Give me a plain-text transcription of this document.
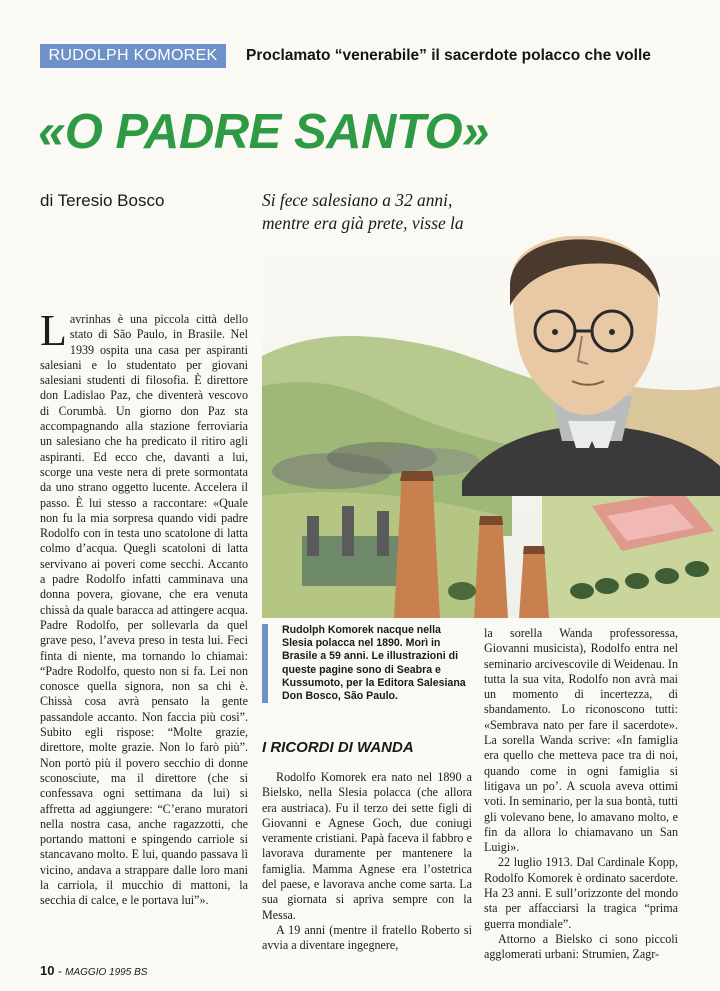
RUDOLPH KOMOREK	Proclamato “venerabile” il sacerdote polacco che volle
«O PADRE SANTO»
di Teresio Bosco	Si fece salesiano a 32 anni, mentre era già prete, visse la

Lavrinhas è una piccola città dello stato di São Paulo, in Brasile. Nel 1939 ospita una casa per aspiranti salesiani e lo studentato per giovani salesiani studenti di filosofia. È direttore don Ladislao Paz, che diventerà vescovo di Corumbà. Un giorno don Paz sta accompagnando alla stazione ferroviaria un salesiano che ha predicato il ritiro agli aspiranti. Ed ecco che, davanti a lui, scorge una veste nera di prete sormontata da uno strano oggetto lucente. Accelera il passo. È lui stesso a raccontare: «Quale non fu la mia sorpresa quando vidi padre Rodolfo con in testa uno scatolone di latta colmo d’acqua. Quegli scatoloni di latta servivano ai poveri come secchi. Accanto a padre Rodolfo infatti camminava una donna povera, giovane, che era venuta chissà da quale baracca ad attingere acqua. Padre Rodolfo, per sollevarla da quel grave peso, l’aveva preso in testa lui. Feci finta di niente, ma tornando lo chiamai: “Padre Rodolfo, questo non si fa. Lei non conosce quella signora, non sa chi è. Chissà cosa avrà pensato la gente passandole accanto. Non faccia più così”. Subito egli rispose: “Molte grazie, direttore, molte grazie. Non lo farò più”. Non portò più il povero secchio di donne sconosciute, ma il direttore (che si confessava ogni settimana da lui) si affretta ad aggiungere: “C’erano muratori nella nostra casa, anche ragazzotti, che portando mattoni e spingendo carriole si stancavano molto. E lui, quando passava lì vicino, andava a strappare dalle loro mani la carriola, il mucchio di mattoni, la secchia di calce, e le portava lui”».

Rudolph Komorek nacque nella Slesia polacca nel 1890. Morì in Brasile a 59 anni. Le illustrazioni di queste pagine sono di Seabra e Kussumoto, per la Editora Salesiana Don Bosco, São Paulo.
I RICORDI DI WANDA

Rodolfo Komorek era nato nel 1890 a Bielsko, nella Slesia polacca (che allora era austriaca). Fu il terzo dei sette figli di Giovanni e Agnese Goch, due coniugi veramente cristiani. Papà faceva il fabbro e lavorava duramente per mantenere la famiglia. Mamma Agnese era l’ostetrica del paese, e lavorava anche come sarta. La sua giornata si apriva sempre con la Messa.

A 19 anni (mentre il fratello Roberto si avvia a diventare ingegnere,

la sorella Wanda professoressa, Giovanni musicista), Rodolfo entra nel seminario arcivescovile di Weidenau. In tutta la sua vita, Rodolfo non avrà mai un momento di incertezza, di sbandamento. Lo riconoscono tutti: «Sembrava nato per fare il sacerdote». La sorella Wanda scrive: «In famiglia era quello che metteva pace tra di noi, quando come in ogni famiglia si litigava un po’. A scuola aveva ottimi voti. In seminario, per la sua bontà, tutti gli volevano bene, lo amavano molto, e fin da allora lo chiamavano un San Luigi».

22 luglio 1913. Dal Cardinale Kopp, Rodolfo Komorek è ordinato sacerdote. Ha 23 anni. E sull’orizzonte del mondo sta per affacciarsi la tragica “prima guerra mondiale”.

Attorno a Bielsko ci sono piccoli agglomerati urbani: Strumien, Zagr-

10 - MAGGIO 1995 BS
